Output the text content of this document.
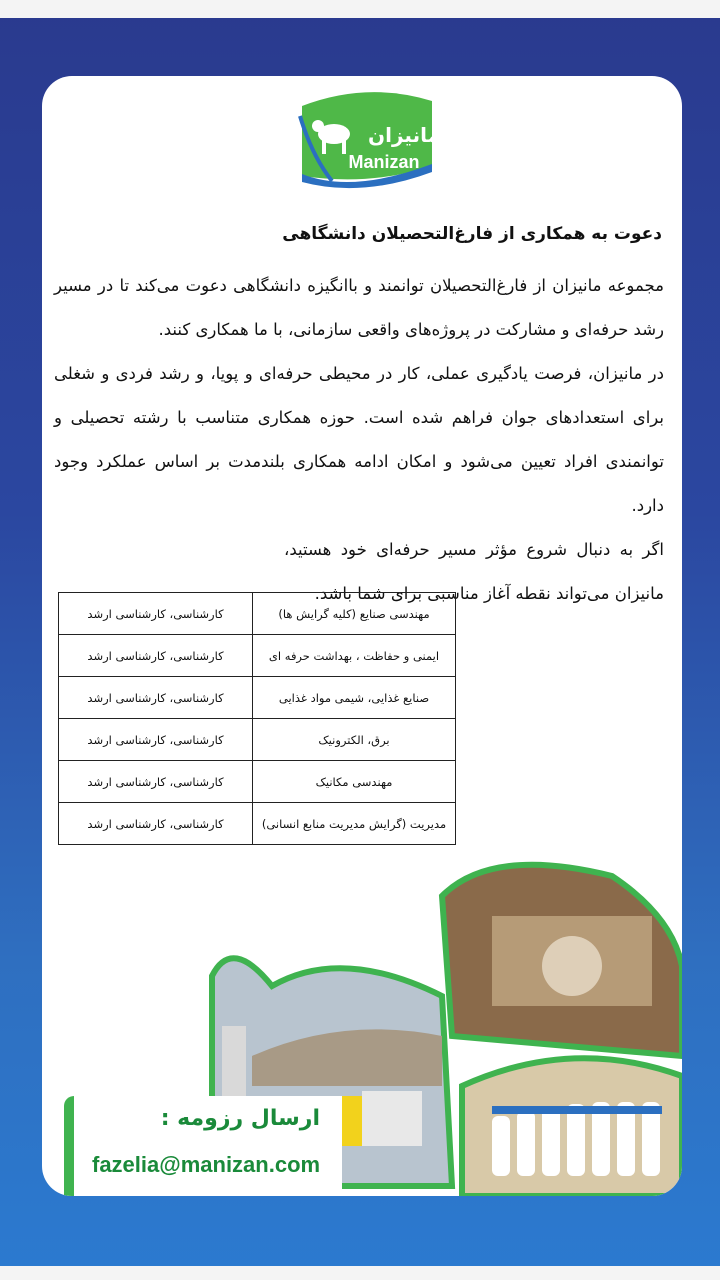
مانیزان
Manizan
دعوت به همکاری از فارغ‌التحصیلان دانشگاهی

مجموعه مانیزان از فارغ‌التحصیلان توانمند و باانگیزه دانشگاهی دعوت می‌کند تا در مسیر رشد حرفه‌ای و مشارکت در پروژه‌های واقعی سازمانی، با ما همکاری کنند.

در مانیزان، فرصت یادگیری عملی، کار در محیطی حرفه‌ای و پویا، و رشد فردی و شغلی برای استعدادهای جوان فراهم شده است. حوزه همکاری متناسب با رشته تحصیلی و توانمندی افراد تعیین می‌شود و امکان ادامه همکاری بلندمدت بر اساس عملکرد وجود دارد.

اگر به دنبال شروع مؤثر مسیر حرفه‌ای خود هستید، مانیزان می‌تواند نقطه آغاز مناسبی برای شما باشد.

مهندسی صنایع (کلیه گرایش ها)	کارشناسی، کارشناسی ارشد
ایمنی و حفاظت ، بهداشت حرفه ای	کارشناسی، کارشناسی ارشد
صنایع غذایی، شیمی مواد غذایی	کارشناسی، کارشناسی ارشد
برق، الکترونیک	کارشناسی، کارشناسی ارشد
مهندسی مکانیک	کارشناسی، کارشناسی ارشد
مدیریت (گرایش مدیریت منابع انسانی)	کارشناسی، کارشناسی ارشد
ارسال رزومه :
fazelia@manizan.com
